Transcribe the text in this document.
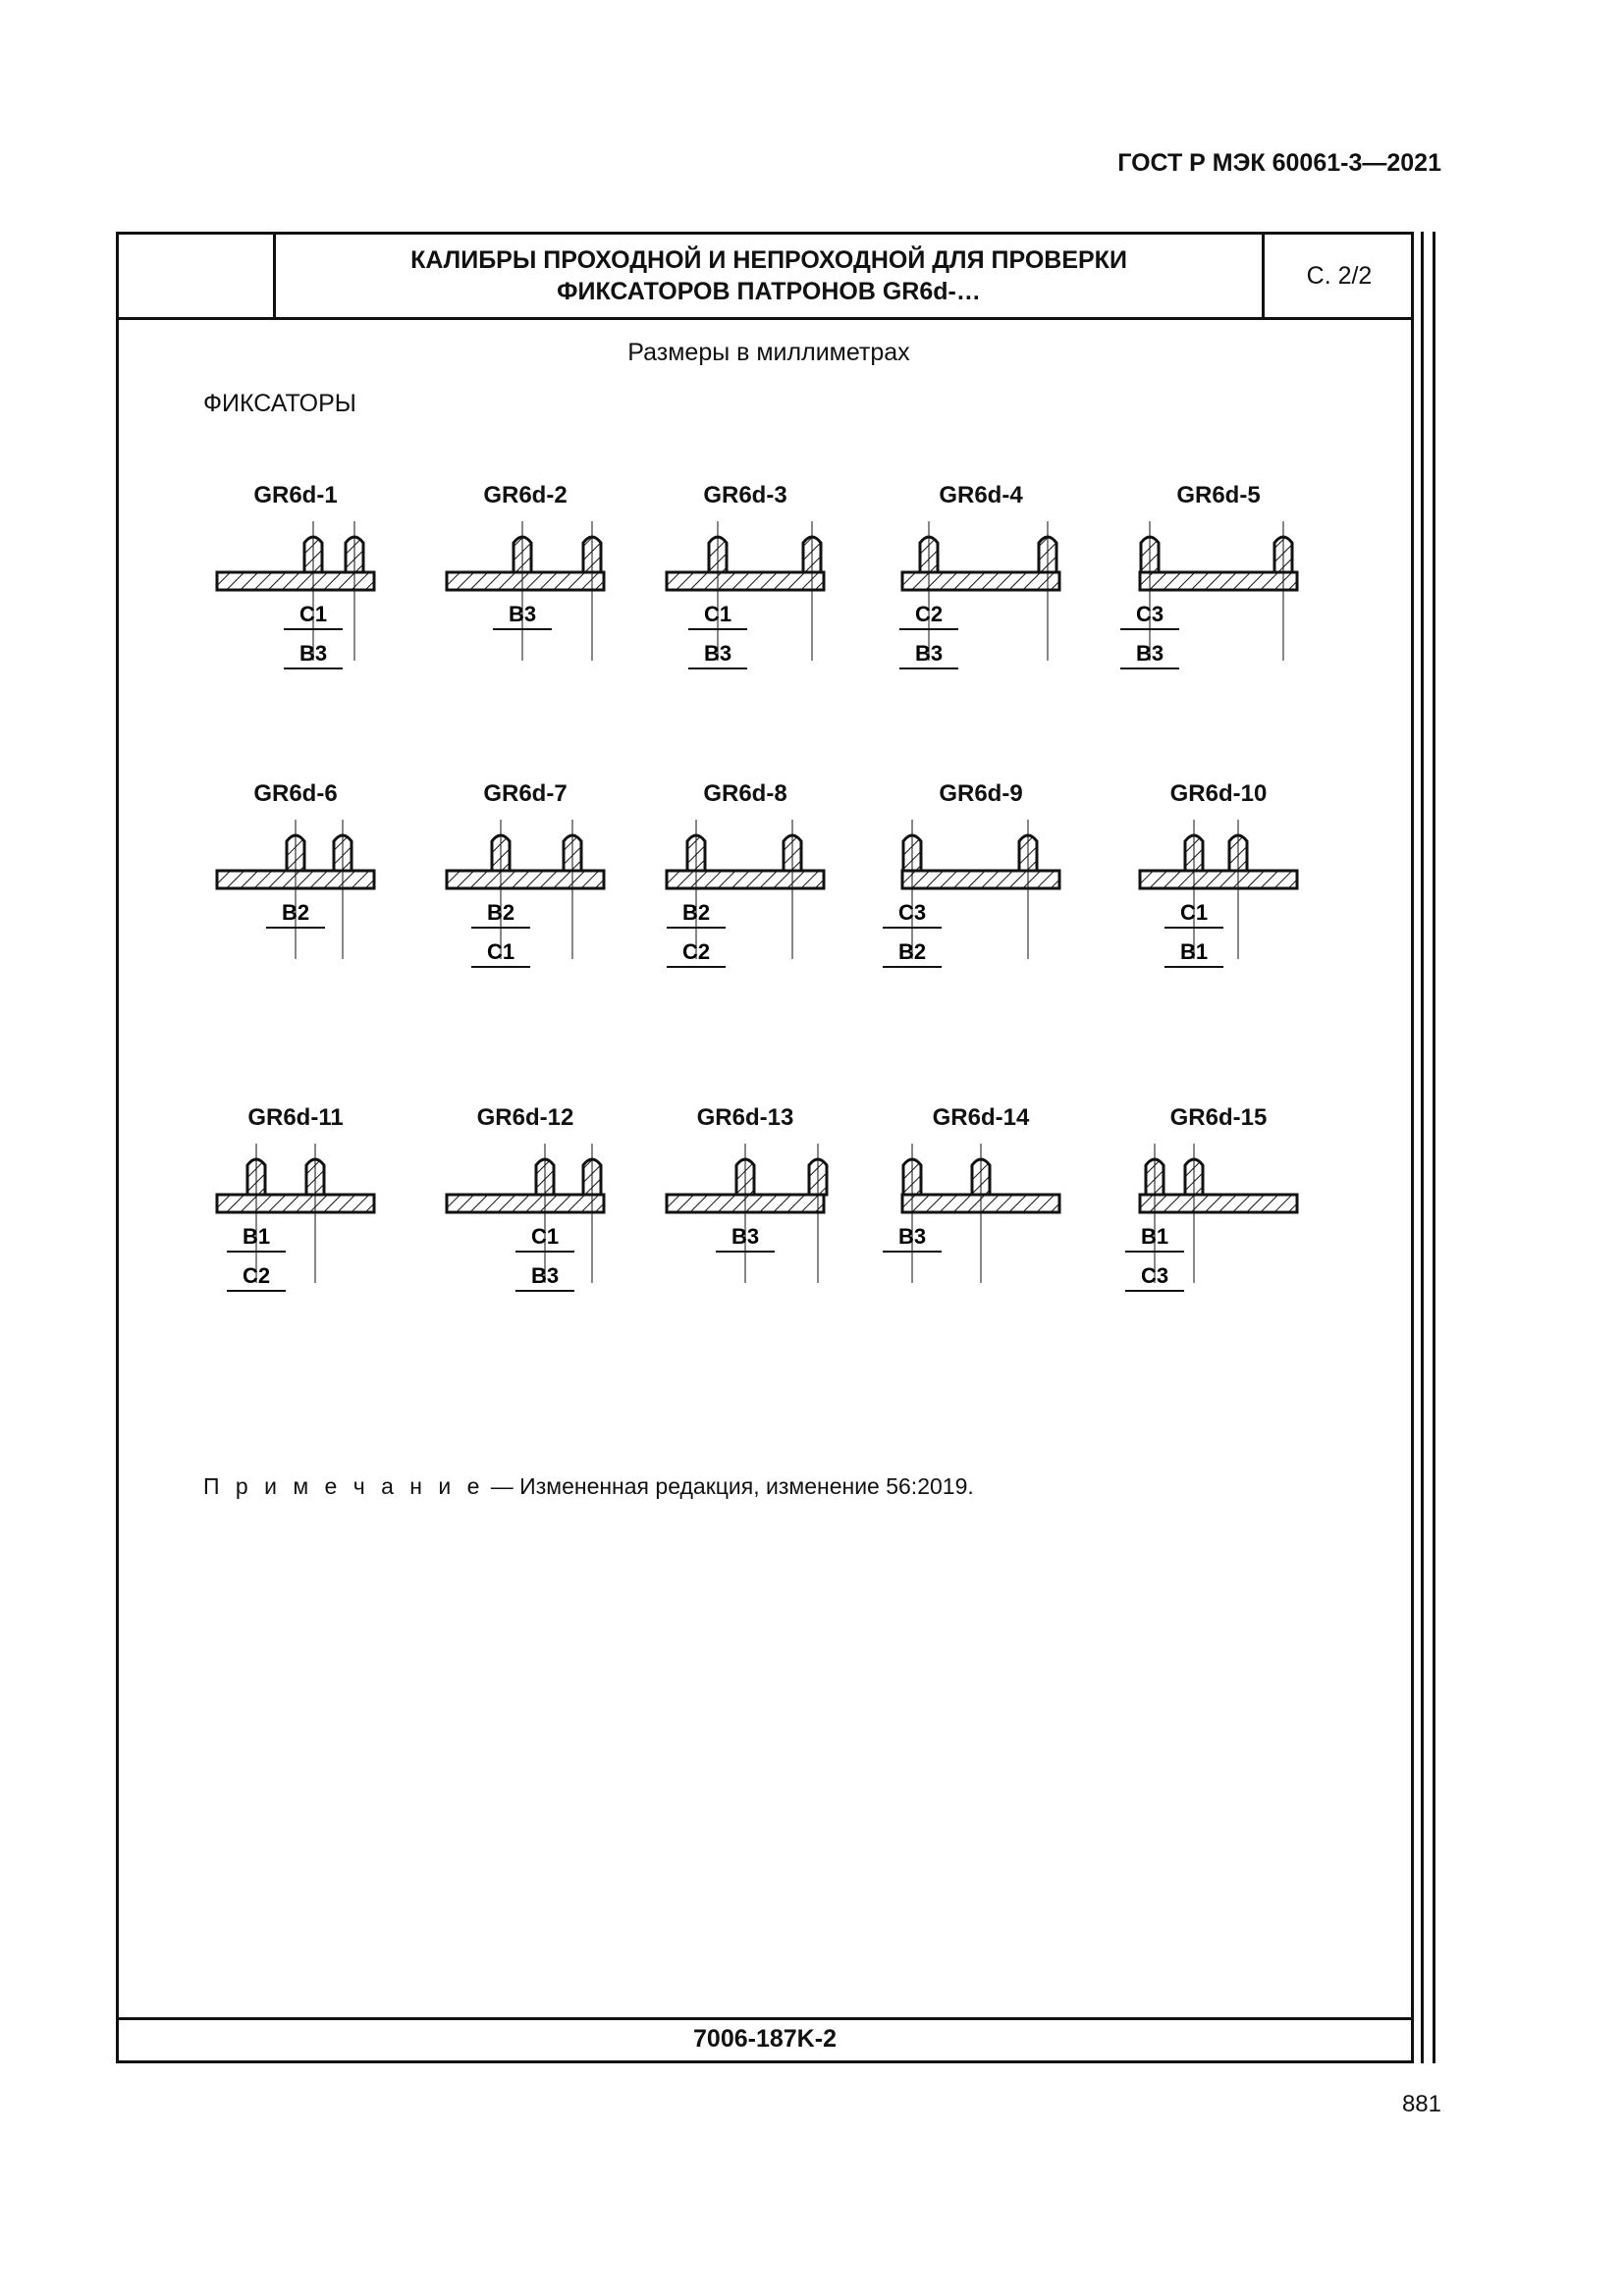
ГОСТ Р МЭК 60061-3—2021
КАЛИБРЫ ПРОХОДНОЙ И НЕПРОХОДНОЙ ДЛЯ ПРОВЕРКИ
ФИКСАТОРОВ ПАТРОНОВ GR6d-…
С. 2/2
Размеры в миллиметрах
ФИКСАТОРЫ
GR6d-1
C1
B3
GR6d-2
B3
GR6d-3
C1
B3
GR6d-4
C2
B3
GR6d-5
C3
B3
GR6d-6
B2
GR6d-7
B2
C1
GR6d-8
B2
C2
GR6d-9
C3
B2
GR6d-10
C1
B1
GR6d-11
B1
C2
GR6d-12
C1
B3
GR6d-13
B3
GR6d-14
B3
GR6d-15
B1
C3
П р и м е ч а н и е — Измененная редакция, изменение 56:2019.
7006-187K-2
881
